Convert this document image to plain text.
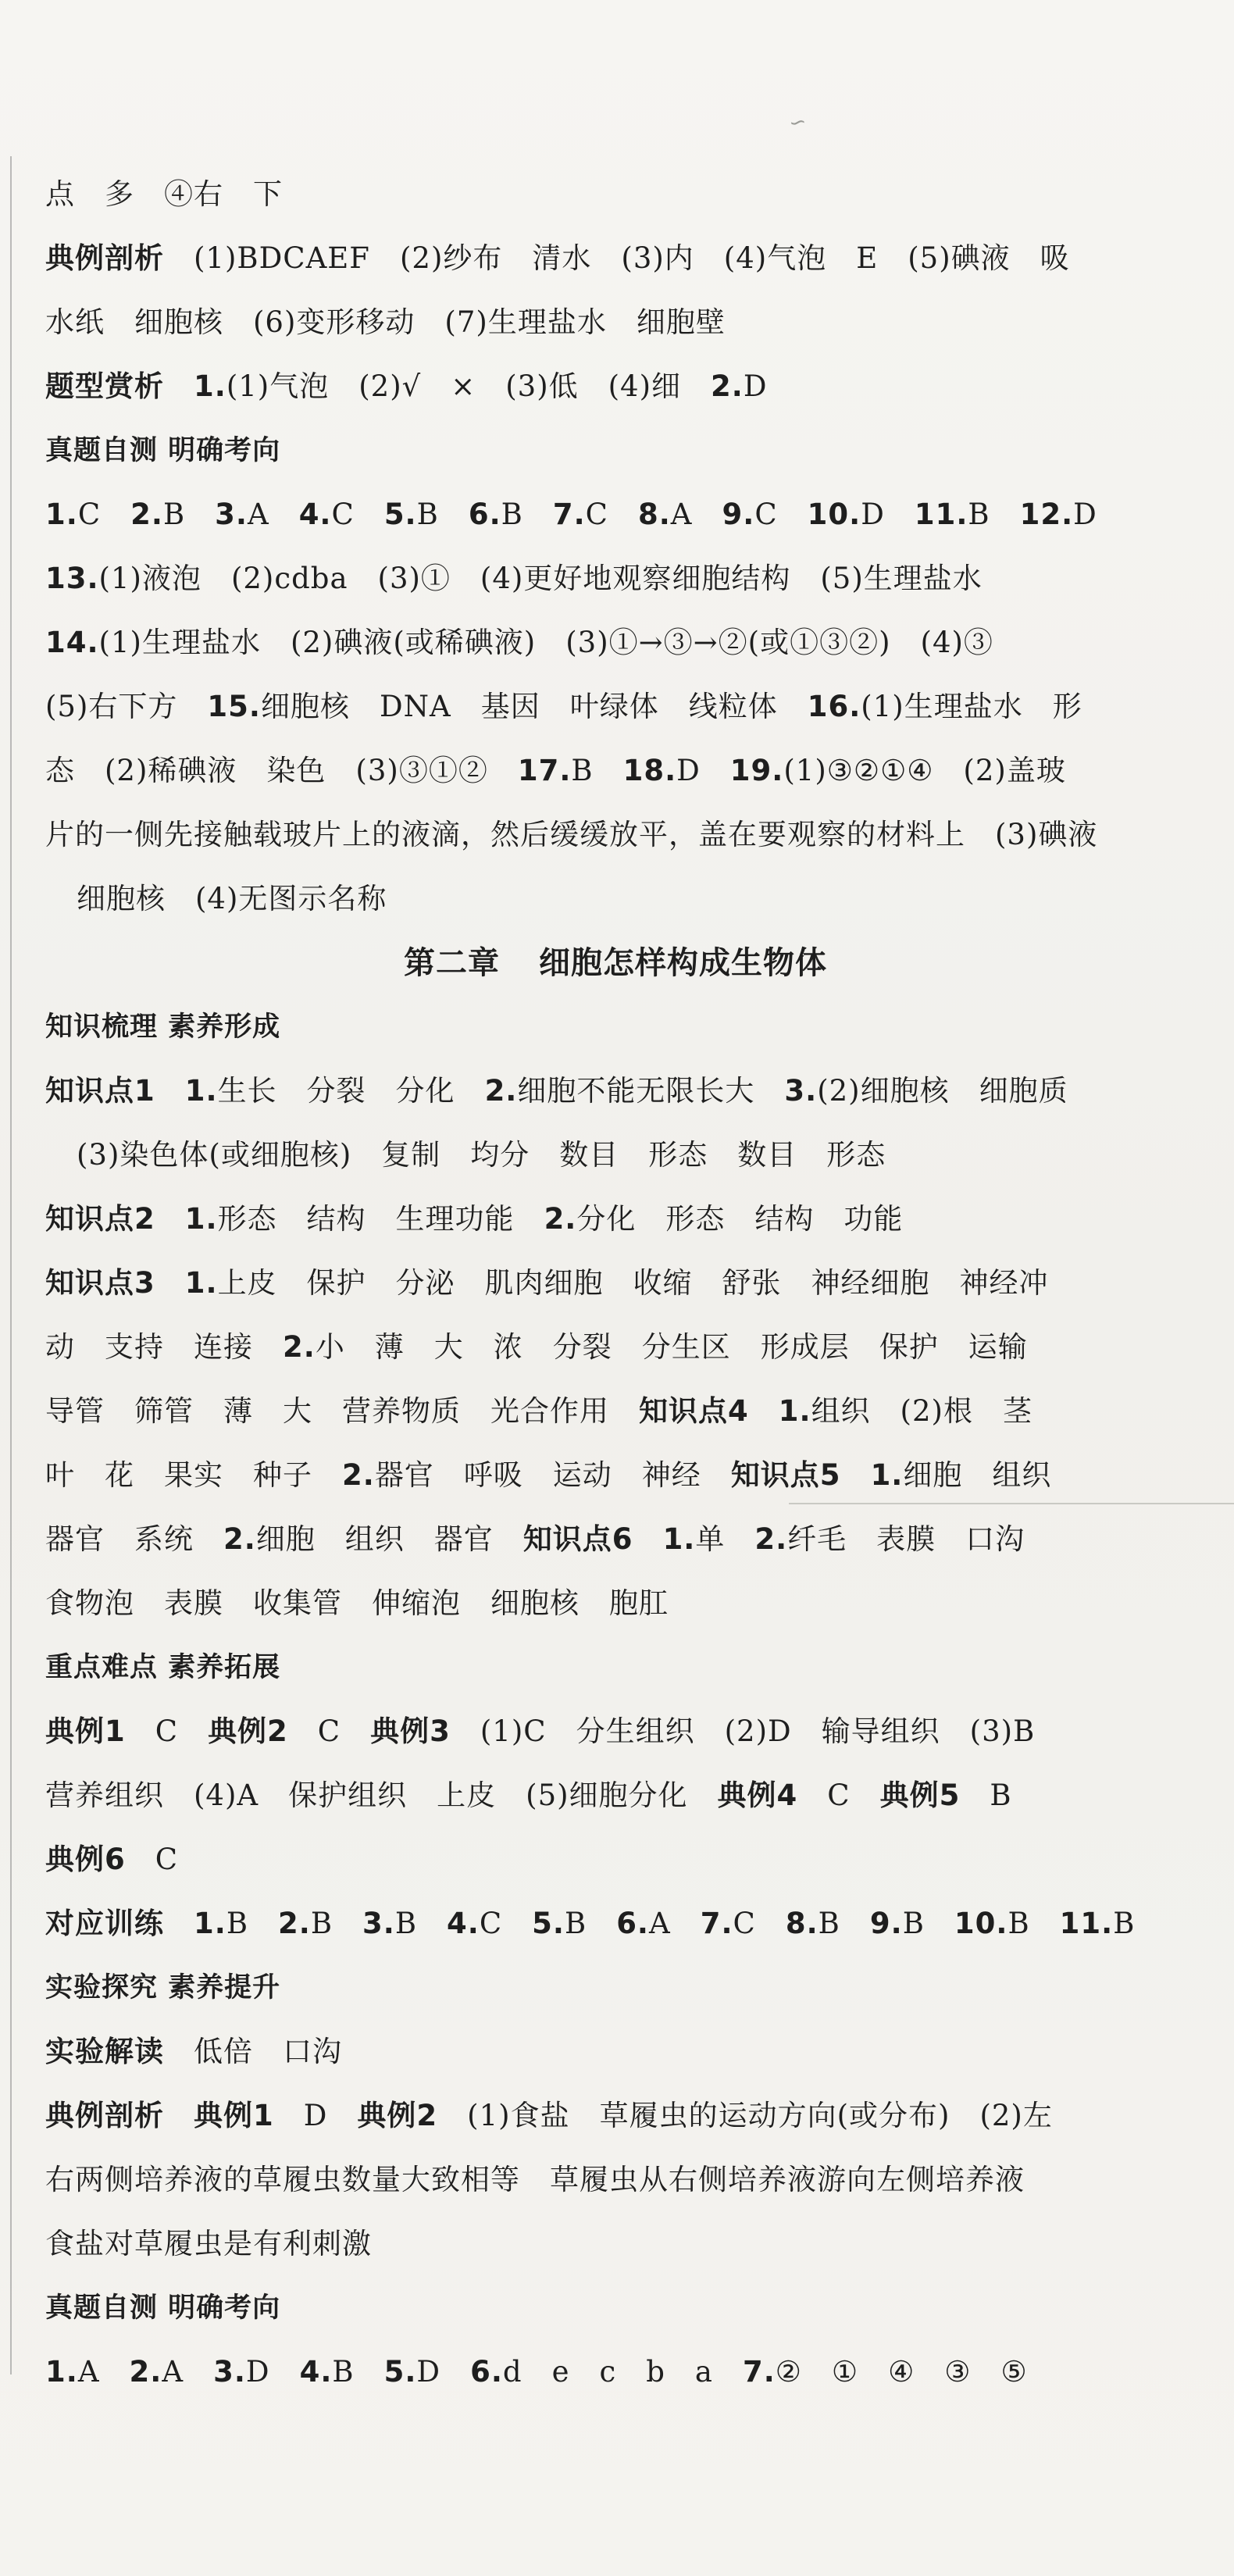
∽
点　多　④右　下
典例剖析　(1)BDCAEF　(2)纱布　清水　(3)内　(4)气泡　E　(5)碘液　吸
水纸　细胞核　(6)变形移动　(7)生理盐水　细胞壁
题型赏析　 1.(1)气泡　(2)√　×　(3)低　(4)细　2.D
真题自测 明确考向
1.C　2.B　3.A　4.C　5.B　6.B　7.C　8.A　9.C　10.D　11.B　12.D
13.(1)液泡　(2)cdba　(3)①　(4)更好地观察细胞结构　(5)生理盐水
14.(1)生理盐水　(2)碘液(或稀碘液)　(3)①→③→②(或①③②)　(4)③
(5)右下方　15.细胞核　DNA　基因　叶绿体　线粒体　16.(1)生理盐水　形
态　(2)稀碘液　染色　(3)③①②　17.B　18.D　19.(1)③②①④　(2)盖玻
片的一侧先接触载玻片上的液滴，然后缓缓放平，盖在要观察的材料上　(3)碘液
细胞核　(4)无图示名称
第二章 细胞怎样构成生物体
知识梳理 素养形成
知识点1　 1.生长　分裂　分化　2.细胞不能无限长大　3.(2)细胞核　细胞质
(3)染色体(或细胞核)　复制　均分　数目　形态　数目　形态
知识点2　 1.形态　结构　生理功能　2.分化　形态　结构　功能
知识点3　 1.上皮　保护　分泌　肌肉细胞　收缩　舒张　神经细胞　神经冲
动　支持　连接　2.小　薄　大　浓　分裂　分生区　形成层　保护　运输
导管　筛管　薄　大　营养物质　光合作用　知识点4　 1.组织　(2)根　茎
叶　花　果实　种子　2.器官　呼吸　运动　神经　知识点5　 1.细胞　组织
器官　系统　2.细胞　组织　器官　知识点6　 1.单　2.纤毛　表膜　口沟
食物泡　表膜　收集管　伸缩泡　细胞核　胞肛
重点难点 素养拓展
典例1　C　典例2　C　典例3　(1)C　分生组织　(2)D　输导组织　(3)B
营养组织　(4)A　保护组织　上皮　(5)细胞分化　典例4　C　典例5　B
典例6　C
对应训练　 1.B　2.B　3.B　4.C　5.B　6.A　7.C　8.B　9.B　10.B　11.B
实验探究 素养提升
实验解读　低倍　口沟
典例剖析　 典例1　D　典例2　(1)食盐　草履虫的运动方向(或分布)　(2)左
右两侧培养液的草履虫数量大致相等　草履虫从右侧培养液游向左侧培养液
食盐对草履虫是有利刺激
真题自测 明确考向
1.A　2.A　3.D　4.B　5.D　6.d　e　c　b　a　7.②　①　④　③　⑤
